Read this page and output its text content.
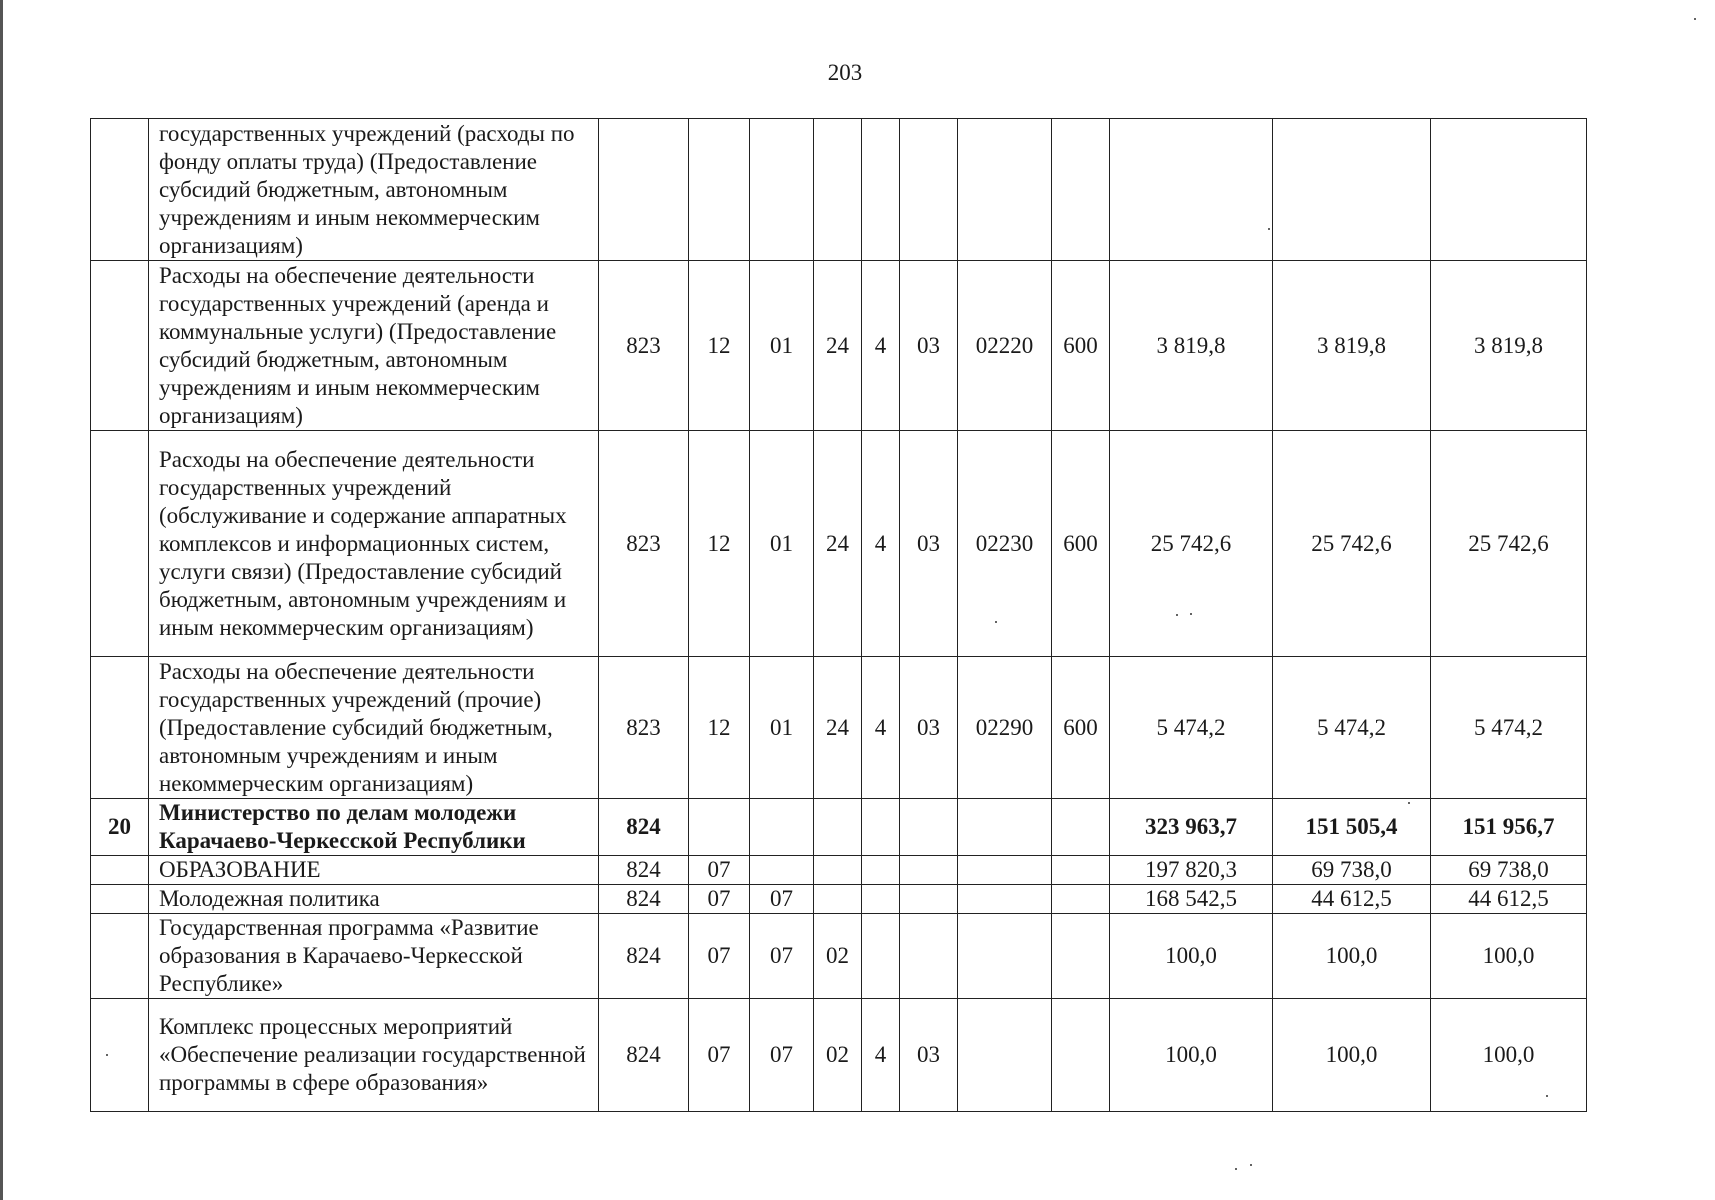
203
	государственных учреждений (расходы по фонду оплаты труда) (Предоставление субсидий бюджетным, автономным учреждениям и иным некоммерческим организациям)											
	Расходы на обеспечение деятельности государственных учреждений (аренда и коммунальные услуги) (Предоставление субсидий бюджетным, автономным учреждениям и иным некоммерческим организациям)	823	12	01	24	4	03	02220	600	3 819,8	3 819,8	3 819,8
	Расходы на обеспечение деятельности государственных учреждений (обслуживание и содержание аппаратных комплексов и информационных систем, услуги связи) (Предоставление субсидий бюджетным, автономным учреждениям и иным некоммерческим организациям)	823	12	01	24	4	03	02230	600	25 742,6	25 742,6	25 742,6
	Расходы на обеспечение деятельности государственных учреждений (прочие) (Предоставление субсидий бюджетным, автономным учреждениям и иным некоммерческим организациям)	823	12	01	24	4	03	02290	600	5 474,2	5 474,2	5 474,2
20	Министерство по делам молодежи Карачаево-Черкесской Республики	824								323 963,7	151 505,4	151 956,7
	ОБРАЗОВАНИЕ	824	07							197 820,3	69 738,0	69 738,0
	Молодежная политика	824	07	07						168 542,5	44 612,5	44 612,5
	Государственная программа «Развитие образования в Карачаево-Черкесской Республике»	824	07	07	02					100,0	100,0	100,0
	Комплекс процессных мероприятий «Обеспечение реализации государственной программы в сфере образования»	824	07	07	02	4	03			100,0	100,0	100,0
